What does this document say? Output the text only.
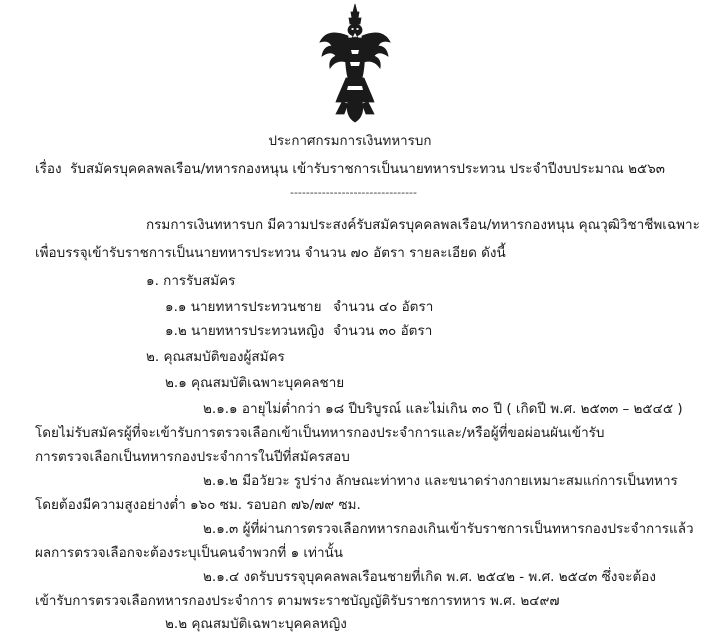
ประกาศกรมการเงินทหารบก
เรื่อง รับสมัครบุคคลพลเรือน/ทหารกองหนุน เข้ารับราชการเป็นนายทหารประทวน ประจำปีงบประมาณ ๒๕๖๓
--------------------------------
กรมการเงินทหารบก มีความประสงค์รับสมัครบุคคลพลเรือน/ทหารกองหนุน คุณวุฒิวิชาชีพเฉพาะ
เพื่อบรรจุเข้ารับราชการเป็นนายทหารประทวน จำนวน ๗๐ อัตรา รายละเอียด ดังนี้
๑. การรับสมัคร
๑.๑ นายทหารประทวนชาย จำนวน ๔๐ อัตรา
๑.๒ นายทหารประทวนหญิง จำนวน ๓๐ อัตรา
๒. คุณสมบัติของผู้สมัคร
๒.๑ คุณสมบัติเฉพาะบุคคลชาย
๒.๑.๑ อายุไม่ต่ำกว่า ๑๘ ปีบริบูรณ์ และไม่เกิน ๓๐ ปี ( เกิดปี พ.ศ. ๒๕๓๓ – ๒๕๔๕ )
โดยไม่รับสมัครผู้ที่จะเข้ารับการตรวจเลือกเข้าเป็นทหารกองประจำการและ/หรือผู้ที่ขอผ่อนผันเข้ารับ
การตรวจเลือกเป็นทหารกองประจำการในปีที่สมัครสอบ
๒.๑.๒ มีอวัยวะ รูปร่าง ลักษณะท่าทาง และขนาดร่างกายเหมาะสมแก่การเป็นทหาร
โดยต้องมีความสูงอย่างต่ำ ๑๖๐ ซม. รอบอก ๗๖/๗๙ ซม.
๒.๑.๓ ผู้ที่ผ่านการตรวจเลือกทหารกองเกินเข้ารับราชการเป็นทหารกองประจำการแล้ว
ผลการตรวจเลือกจะต้องระบุเป็นคนจำพวกที่ ๑ เท่านั้น
๒.๑.๔ งดรับบรรจุบุคคลพลเรือนชายที่เกิด พ.ศ. ๒๕๔๒ - พ.ศ. ๒๕๔๓ ซึ่งจะต้อง
เข้ารับการตรวจเลือกทหารกองประจำการ ตามพระราชบัญญัติรับราชการทหาร พ.ศ. ๒๔๙๗
๒.๒ คุณสมบัติเฉพาะบุคคลหญิง
